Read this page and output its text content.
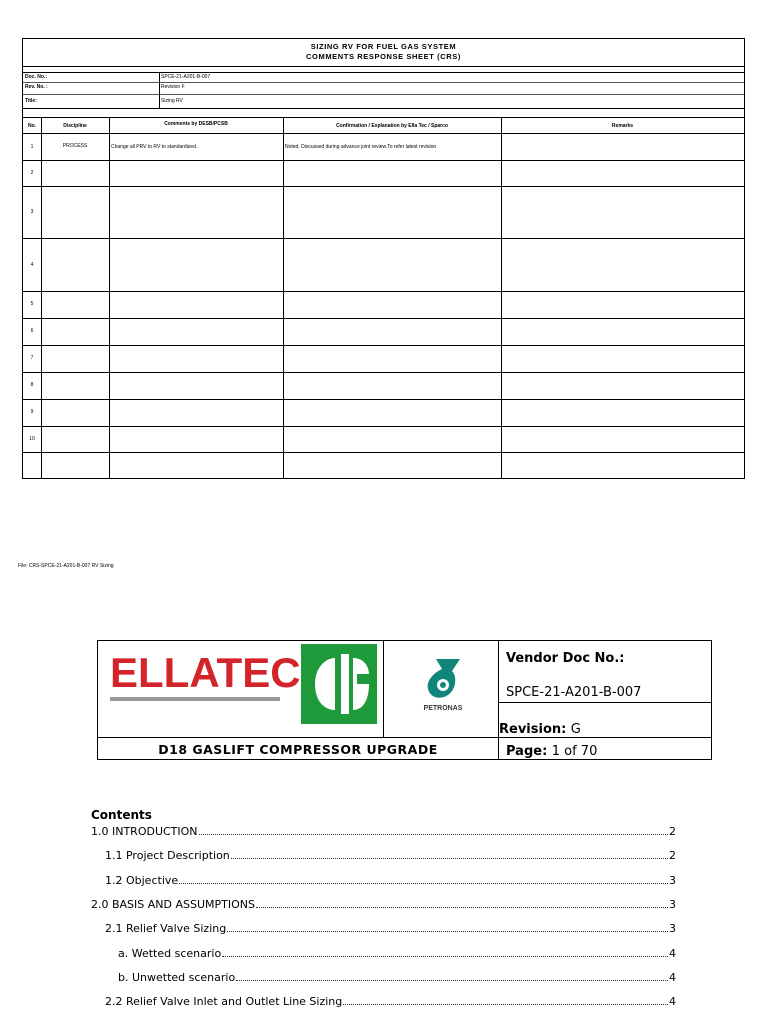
SIZING RV FOR FUEL GAS SYSTEM
COMMENTS RESPONSE SHEET (CRS)
Doc. No.:	SPCE-21-A201-B-007
Rev. No. :	Revision F
Title:	Sizing RV
No.	Discipline	Comments by DESB/PCSB	Confirmation / Explanation by Ella Tec / Sparco	Remarks
1	PROCESS	Change all PRV to RV to standardized.	Noted. Discussed during advance joint review.To refer latest revision
2
3
4
5
6
7
8
9
10
File: CRS-SPCE-21-A201-B-007 RV Sizing
ELLATEC
PETRONAS
Vendor Doc No.:
SPCE-21-A201-B-007
Revision: G
D18 GASLIFT COMPRESSOR UPGRADE	Page: 1 of 70
Contents
1.0 INTRODUCTION	2
1.1 Project Description	2
1.2 Objective	3
2.0 BASIS AND ASSUMPTIONS	3
2.1 Relief Valve Sizing	3
a. Wetted scenario	4
b. Unwetted scenario	4
2.2 Relief Valve Inlet and Outlet Line Sizing	4
